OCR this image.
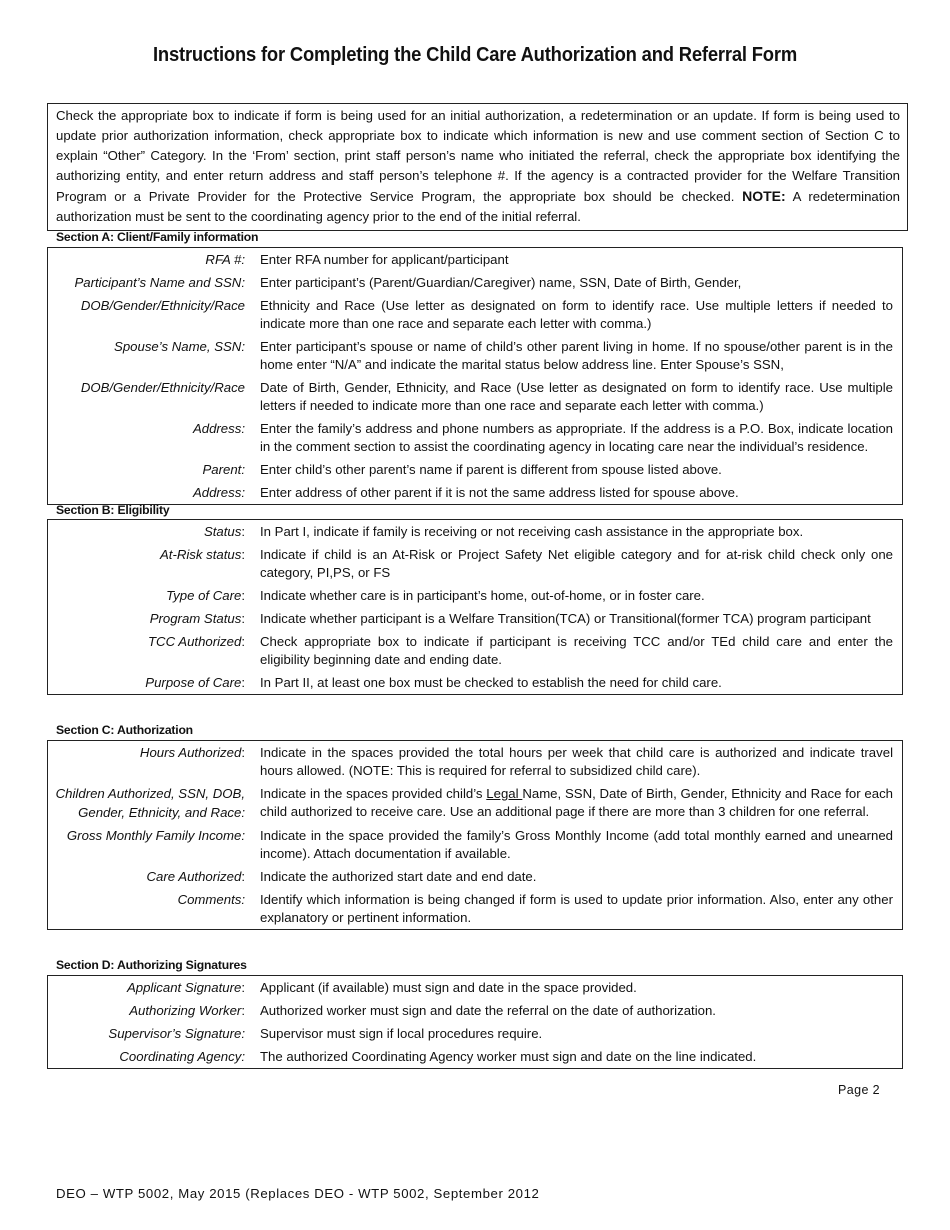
Instructions for Completing the Child Care Authorization and Referral Form
Check the appropriate box to indicate if form is being used for an initial authorization, a redetermination or an update. If form is being used to update prior authorization information, check appropriate box to indicate which information is new and use comment section of Section C to explain “Other” Category. In the ‘From’ section, print staff person’s name who initiated the referral, check the appropriate box identifying the authorizing entity, and enter return address and staff person’s telephone #. If the agency is a contracted provider for the Welfare Transition Program or a Private Provider for the Protective Service Program, the appropriate box should be checked. NOTE: A redetermination authorization must be sent to the coordinating agency prior to the end of the initial referral.
Section A: Client/Family information
RFA #: Enter RFA number for applicant/participant
Participant’s Name and SSN: Enter participant’s (Parent/Guardian/Caregiver) name, SSN, Date of Birth, Gender,
DOB/Gender/Ethnicity/Race Ethnicity and Race (Use letter as designated on form to identify race. Use multiple letters if needed to indicate more than one race and separate each letter with comma.)
Spouse’s Name, SSN: Enter participant’s spouse or name of child’s other parent living in home. If no spouse/other parent is in the home enter “N/A” and indicate the marital status below address line. Enter Spouse’s SSN,
DOB/Gender/Ethnicity/Race Date of Birth, Gender, Ethnicity, and Race (Use letter as designated on form to identify race. Use multiple letters if needed to indicate more than one race and separate each letter with comma.)
Address: Enter the family’s address and phone numbers as appropriate. If the address is a P.O. Box, indicate location in the comment section to assist the coordinating agency in locating care near the individual’s residence.
Parent: Enter child’s other parent’s name if parent is different from spouse listed above.
Address: Enter address of other parent if it is not the same address listed for spouse above.
Section B: Eligibility
Status: In Part I, indicate if family is receiving or not receiving cash assistance in the appropriate box.
At-Risk status: Indicate if child is an At-Risk or Project Safety Net eligible category and for at-risk child check only one category, PI,PS, or FS
Type of Care: Indicate whether care is in participant’s home, out-of-home, or in foster care.
Program Status: Indicate whether participant is a Welfare Transition(TCA) or Transitional(former TCA) program participant
TCC Authorized: Check appropriate box to indicate if participant is receiving TCC and/or TEd child care and enter the eligibility beginning date and ending date.
Purpose of Care: In Part II, at least one box must be checked to establish the need for child care.
Section C: Authorization
Hours Authorized: Indicate in the spaces provided the total hours per week that child care is authorized and indicate travel hours allowed. (NOTE: This is required for referral to subsidized child care).
Children Authorized, SSN, DOB, Gender, Ethnicity, and Race:
Indicate in the spaces provided child’s Legal Name, SSN, Date of Birth, Gender, Ethnicity and Race for each child authorized to receive care. Use an additional page if there are more than 3 children for one referral.
Gross Monthly Family Income: Indicate in the space provided the family’s Gross Monthly Income (add total monthly earned and unearned income). Attach documentation if available.
Care Authorized: Indicate the authorized start date and end date.
Comments: Identify which information is being changed if form is used to update prior information. Also, enter any other explanatory or pertinent information.
Section D: Authorizing Signatures
Applicant Signature: Applicant (if available) must sign and date in the space provided.
Authorizing Worker: Authorized worker must sign and date the referral on the date of authorization.
Supervisor’s Signature: Supervisor must sign if local procedures require.
Coordinating Agency: The authorized Coordinating Agency worker must sign and date on the line indicated.
Page 2
DEO – WTP 5002, May 2015 (Replaces DEO - WTP 5002, September 2012
